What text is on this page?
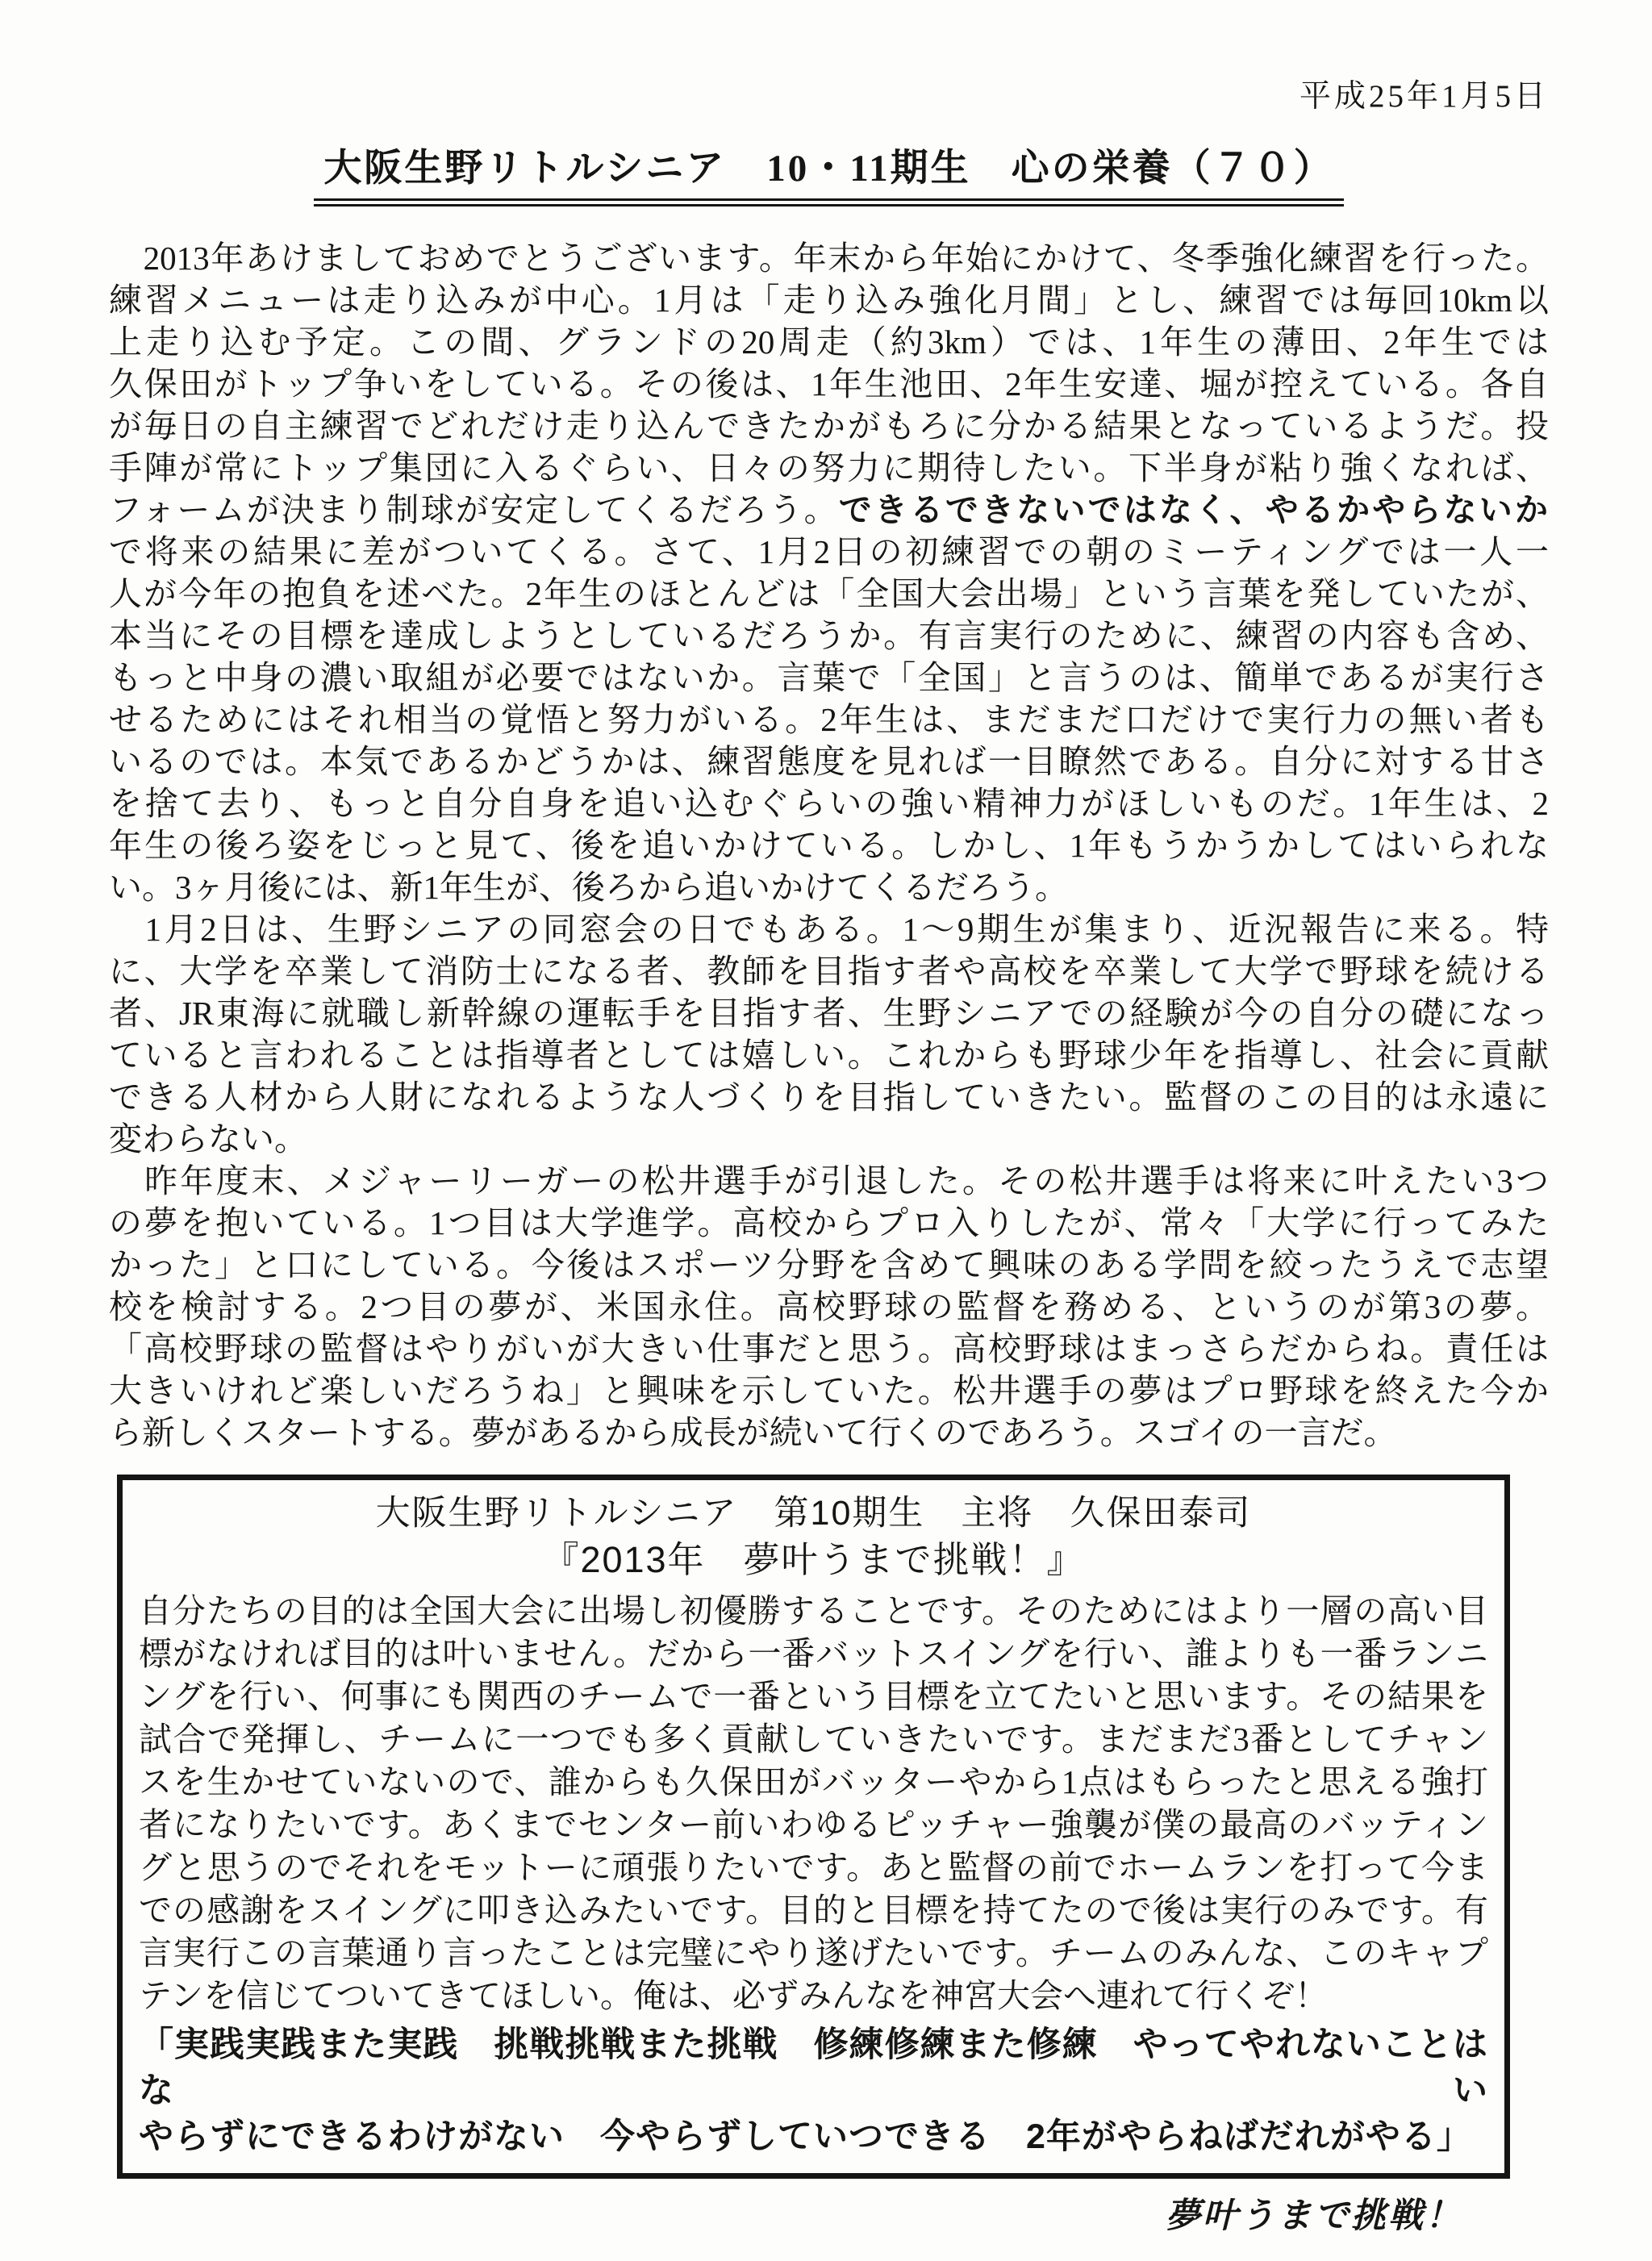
平成25年1月5日
大阪生野リトルシニア　10・11期生　心の栄養（７０）
　2013年あけましておめでとうございます。年末から年始にかけて、冬季強化練習を行った。
練習メニューは走り込みが中心。1月は「走り込み強化月間」とし、練習では毎回10km以
上走り込む予定。この間、グランドの20周走（約3km）では、1年生の薄田、2年生では
久保田がトップ争いをしている。その後は、1年生池田、2年生安達、堀が控えている。各自
が毎日の自主練習でどれだけ走り込んできたかがもろに分かる結果となっているようだ。投
手陣が常にトップ集団に入るぐらい、日々の努力に期待したい。下半身が粘り強くなれば、
フォームが決まり制球が安定してくるだろう。できるできないではなく、やるかやらないか
で将来の結果に差がついてくる。さて、1月2日の初練習での朝のミーティングでは一人一
人が今年の抱負を述べた。2年生のほとんどは「全国大会出場」という言葉を発していたが、
本当にその目標を達成しようとしているだろうか。有言実行のために、練習の内容も含め、
もっと中身の濃い取組が必要ではないか。言葉で「全国」と言うのは、簡単であるが実行さ
せるためにはそれ相当の覚悟と努力がいる。2年生は、まだまだ口だけで実行力の無い者も
いるのでは。本気であるかどうかは、練習態度を見れば一目瞭然である。自分に対する甘さ
を捨て去り、もっと自分自身を追い込むぐらいの強い精神力がほしいものだ。1年生は、2
年生の後ろ姿をじっと見て、後を追いかけている。しかし、1年もうかうかしてはいられな
い。3ヶ月後には、新1年生が、後ろから追いかけてくるだろう。
　1月2日は、生野シニアの同窓会の日でもある。1～9期生が集まり、近況報告に来る。特
に、大学を卒業して消防士になる者、教師を目指す者や高校を卒業して大学で野球を続ける
者、JR東海に就職し新幹線の運転手を目指す者、生野シニアでの経験が今の自分の礎になっ
ていると言われることは指導者としては嬉しい。これからも野球少年を指導し、社会に貢献
できる人材から人財になれるような人づくりを目指していきたい。監督のこの目的は永遠に
変わらない。
　昨年度末、メジャーリーガーの松井選手が引退した。その松井選手は将来に叶えたい3つ
の夢を抱いている。1つ目は大学進学。高校からプロ入りしたが、常々「大学に行ってみた
かった」と口にしている。今後はスポーツ分野を含めて興味のある学問を絞ったうえで志望
校を検討する。2つ目の夢が、米国永住。高校野球の監督を務める、というのが第3の夢。
「高校野球の監督はやりがいが大きい仕事だと思う。高校野球はまっさらだからね。責任は
大きいけれど楽しいだろうね」と興味を示していた。松井選手の夢はプロ野球を終えた今か
ら新しくスタートする。夢があるから成長が続いて行くのであろう。スゴイの一言だ。
大阪生野リトルシニア　第10期生　主将　久保田泰司
『2013年　夢叶うまで挑戦！』
自分たちの目的は全国大会に出場し初優勝することです。そのためにはより一層の高い目
標がなければ目的は叶いません。だから一番バットスイングを行い、誰よりも一番ランニ
ングを行い、何事にも関西のチームで一番という目標を立てたいと思います。その結果を
試合で発揮し、チームに一つでも多く貢献していきたいです。まだまだ3番としてチャン
スを生かせていないので、誰からも久保田がバッターやから1点はもらったと思える強打
者になりたいです。あくまでセンター前いわゆるピッチャー強襲が僕の最高のバッティン
グと思うのでそれをモットーに頑張りたいです。あと監督の前でホームランを打って今ま
での感謝をスイングに叩き込みたいです。目的と目標を持てたので後は実行のみです。有
言実行この言葉通り言ったことは完璧にやり遂げたいです。チームのみんな、このキャプ
テンを信じてついてきてほしい。俺は、必ずみんなを神宮大会へ連れて行くぞ！
「実践実践また実践　挑戦挑戦また挑戦　修練修練また修練　やってやれないことはない
やらずにできるわけがない　今やらずしていつできる　2年がやらねばだれがやる」
夢叶うまで挑戦！
